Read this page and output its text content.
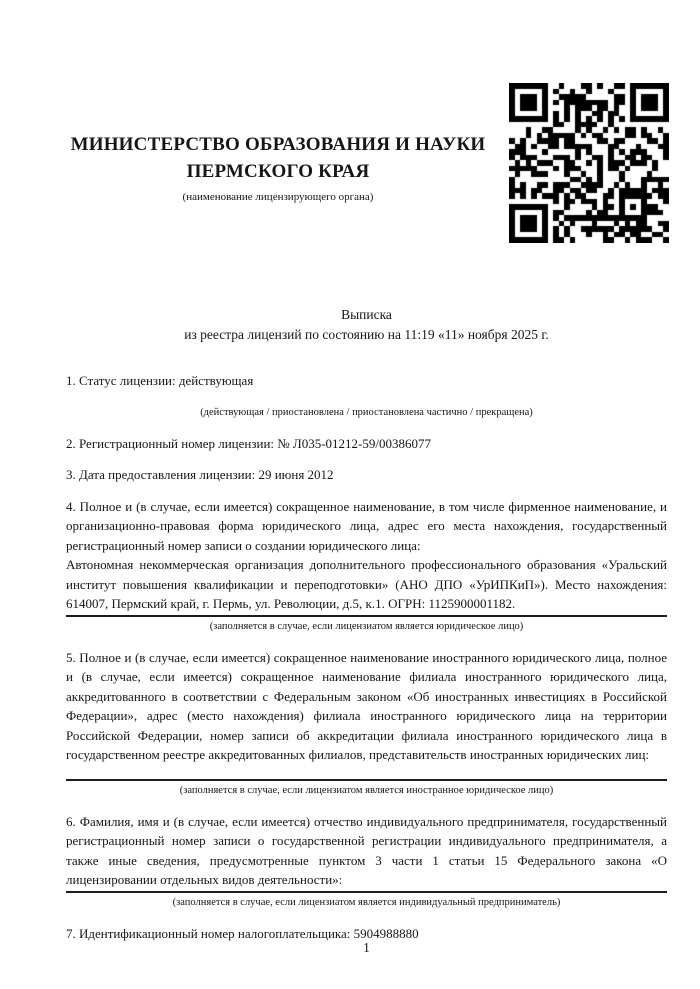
МИНИСТЕРСТВО ОБРАЗОВАНИЯ И НАУКИ
ПЕРМСКОГО КРАЯ
(наименование лицензирующего органа)
Выписка
из реестра лицензий по состоянию на 11:19 «11» ноября 2025 г.

1. Статус лицензии: действующая

(действующая / приостановлена / приостановлена частично / прекращена)

2. Регистрационный номер лицензии: № Л035-01212-59/00386077

3. Дата предоставления лицензии: 29 июня 2012

4. Полное и (в случае, если имеется) сокращенное наименование, в том числе фирменное наименование, и организационно-правовая форма юридического лица, адрес его места нахождения, государственный регистрационный номер записи о создании юридического лица:
Автономная некоммерческая организация дополнительного профессионального образования «Уральский институт повышения квалификации и переподготовки» (АНО ДПО «УрИПКиП»). Место нахождения: 614007, Пермский край, г. Пермь, ул. Революции, д.5, к.1. ОГРН: 1125900001182.
(заполняется в случае, если лицензиатом является юридическое лицо)
5. Полное и (в случае, если имеется) сокращенное наименование иностранного юридического лица, полное и (в случае, если имеется) сокращенное наименование филиала иностранного юридического лица, аккредитованного в соответствии с Федеральным законом «Об иностранных инвестициях в Российской Федерации», адрес (место нахождения) филиала иностранного юридического лица на территории Российской Федерации, номер записи об аккредитации филиала иностранного юридического лица в государственном реестре аккредитованных филиалов, представительств иностранных юридических лиц:
(заполняется в случае, если лицензиатом является иностранное юридическое лицо)
6. Фамилия, имя и (в случае, если имеется) отчество индивидуального предпринимателя, государственный регистрационный номер записи о государственной регистрации индивидуального предпринимателя, а также иные сведения, предусмотренные пунктом 3 части 1 статьи 15 Федерального закона «О лицензировании отдельных видов деятельности»:
(заполняется в случае, если лицензиатом является индивидуальный предприниматель)

7. Идентификационный номер налогоплательщика: 5904988880

1
